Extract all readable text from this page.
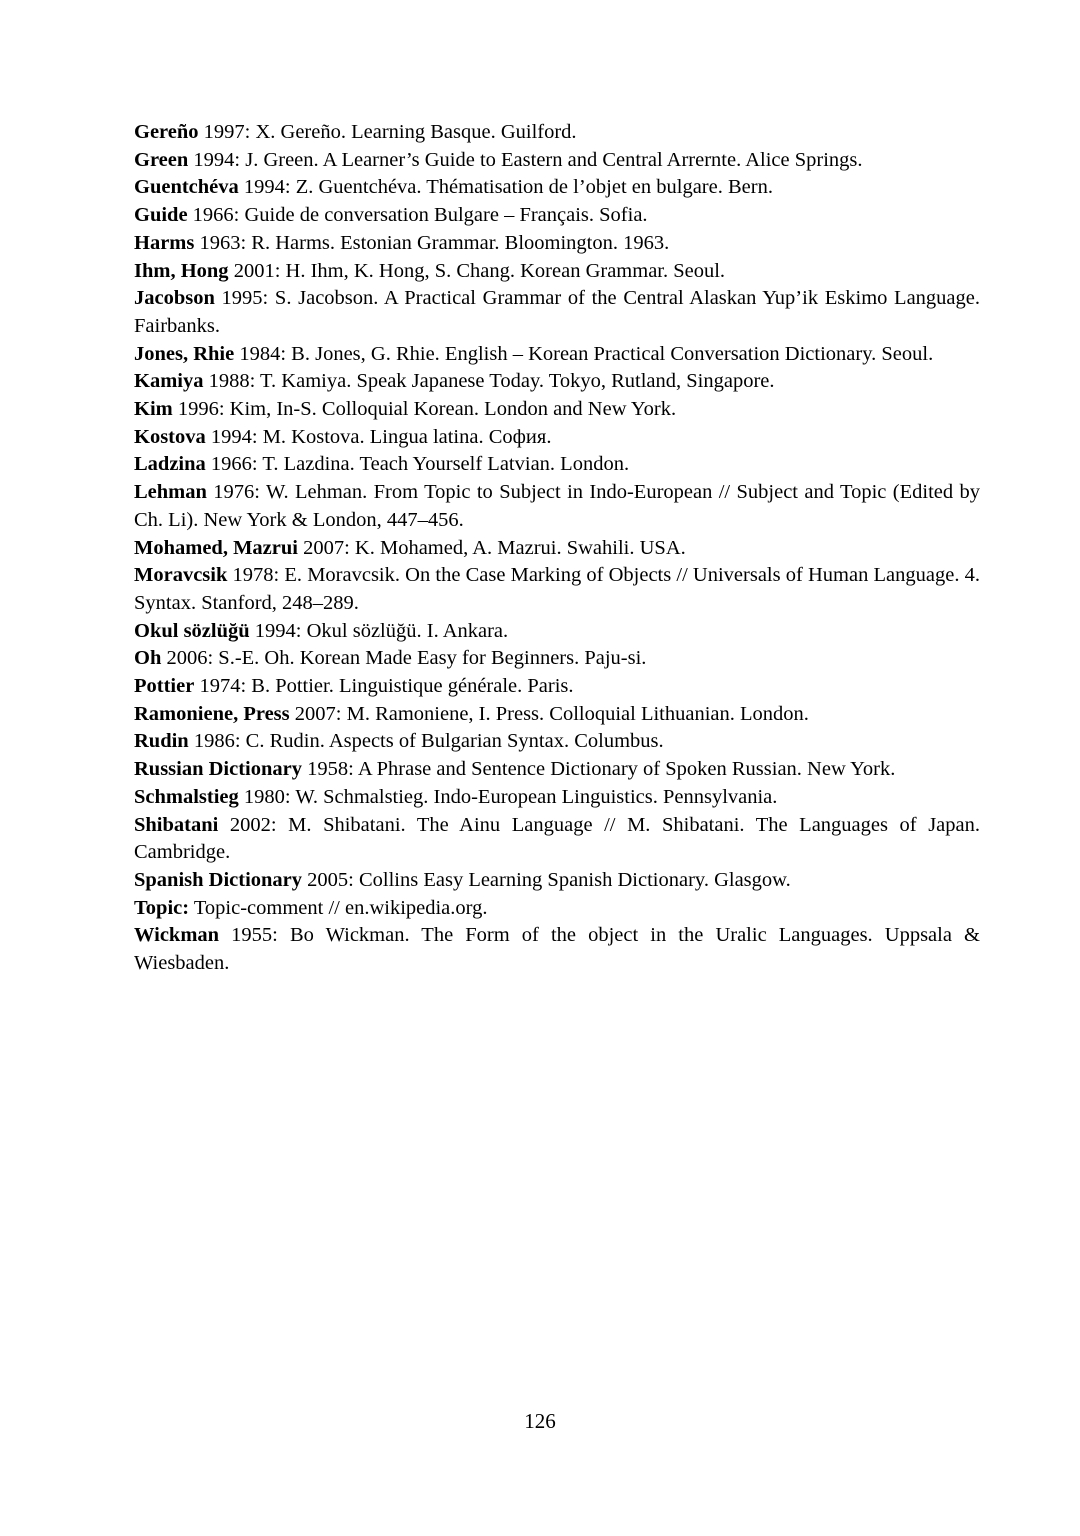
Gereño 1997: X. Gereño. Learning Basque. Guilford.

Green 1994: J. Green. A Learner’s Guide to Eastern and Central Arrernte. Alice Springs.

Guentchéva 1994: Z. Guentchéva. Thématisation de l’objet en bulgare. Bern.

Guide 1966: Guide de conversation Bulgare – Français. Sofia.

Harms 1963: R. Harms. Estonian Grammar. Bloomington. 1963.

Ihm, Hong 2001: H. Ihm, K. Hong, S. Chang. Korean Grammar. Seoul.

Jacobson 1995: S. Jacobson. A Practical Grammar of the Central Alaskan Yup’ik Eskimo Language. Fairbanks.

Jones, Rhie 1984: B. Jones, G. Rhie. English – Korean Practical Conversation Dictionary. Seoul.

Kamiya 1988: T. Kamiya. Speak Japanese Today. Tokyo, Rutland, Singapore.

Kim 1996: Kim, In-S. Colloquial Korean. London and New York.

Kostova 1994: M. Kostova. Lingua latina. София.

Ladzina 1966: T. Lazdina. Teach Yourself Latvian. London.

Lehman 1976: W. Lehman. From Topic to Subject in Indo-European // Subject and Topic (Edited by Ch. Li). New York & London, 447–456.

Mohamed, Mazrui 2007: K. Mohamed, A. Mazrui. Swahili. USA.

Moravcsik 1978: E. Moravcsik. On the Case Marking of Objects // Universals of Human Language. 4. Syntax. Stanford, 248–289.

Okul sözlüğü 1994: Okul sözlüğü. I. Ankara.

Oh 2006: S.-E. Oh. Korean Made Easy for Beginners. Paju-si.

Pottier 1974: B. Pottier. Linguistique générale. Paris.

Ramoniene, Press 2007: M. Ramoniene, I. Press. Colloquial Lithuanian. London.

Rudin 1986: C. Rudin. Aspects of Bulgarian Syntax. Columbus.

Russian Dictionary 1958: A Phrase and Sentence Dictionary of Spoken Russian. New York.

Schmalstieg 1980: W. Schmalstieg. Indo-European Linguistics. Pennsylvania.

Shibatani 2002: M. Shibatani. The Ainu Language // M. Shibatani. The Languages of Japan. Cambridge.

Spanish Dictionary 2005: Collins Easy Learning Spanish Dictionary. Glasgow.

Topic: Topic-comment // en.wikipedia.org.

Wickman 1955: Bo Wickman. The Form of the object in the Uralic Languages. Uppsala & Wiesbaden.

126
